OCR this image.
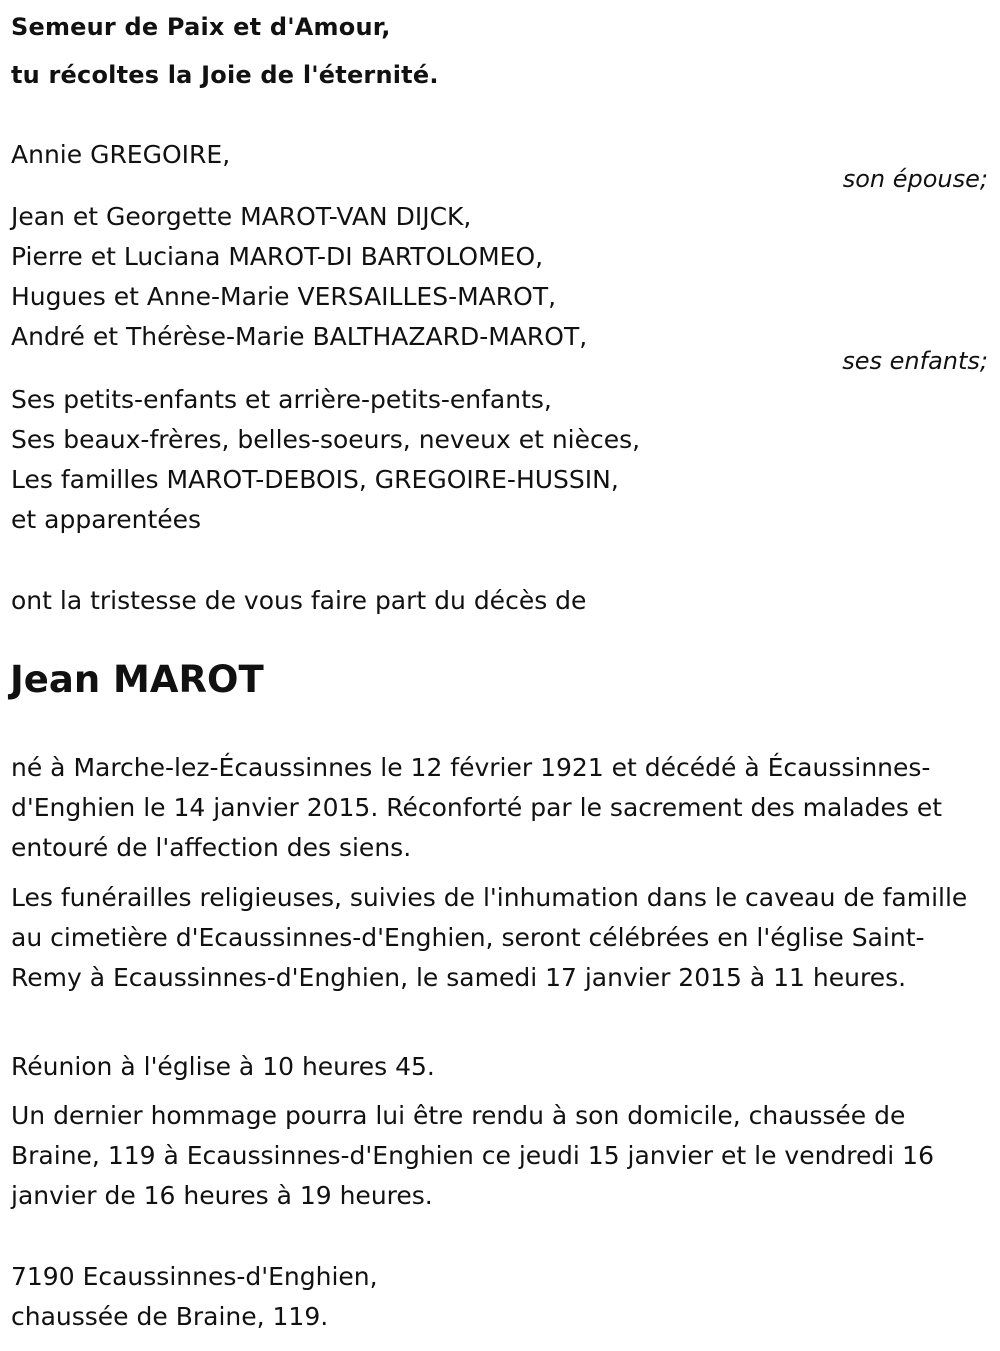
Semeur de Paix et d'Amour,
tu récoltes la Joie de l'éternité.
Annie GREGOIRE,
son épouse;
Jean et Georgette MAROT-VAN DIJCK,
Pierre et Luciana MAROT-DI BARTOLOMEO,
Hugues et Anne-Marie VERSAILLES-MAROT,
André et Thérèse-Marie BALTHAZARD-MAROT,
ses enfants;
Ses petits-enfants et arrière-petits-enfants,
Ses beaux-frères, belles-soeurs, neveux et nièces,
Les familles MAROT-DEBOIS, GREGOIRE-HUSSIN,
et apparentées
ont la tristesse de vous faire part du décès de
Jean MAROT
né à Marche-lez-Écaussinnes le 12 février 1921 et décédé à Écaussinnes-d'Enghien le 14 janvier 2015. Réconforté par le sacrement des malades et entouré de l'affection des siens.
Les funérailles religieuses, suivies de l'inhumation dans le caveau de famille au cimetière d'Ecaussinnes-d'Enghien, seront célébrées en l'église Saint-Remy à Ecaussinnes-d'Enghien, le samedi 17 janvier 2015 à 11 heures.
Réunion à l'église à 10 heures 45.
Un dernier hommage pourra lui être rendu à son domicile, chaussée de Braine, 119 à Ecaussinnes-d'Enghien ce jeudi 15 janvier et le vendredi 16 janvier de 16 heures à 19 heures.
7190 Ecaussinnes-d'Enghien,
chaussée de Braine, 119.
